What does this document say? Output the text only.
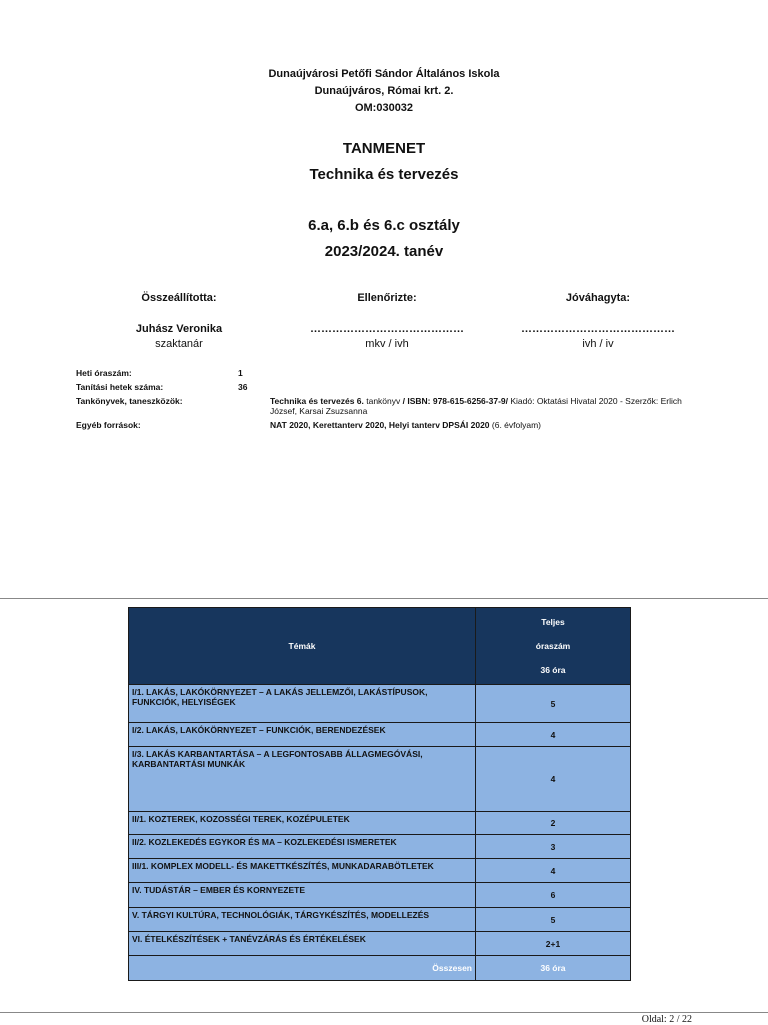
Dunaújvárosi Petőfi Sándor Általános Iskola
Dunaújváros, Római krt. 2.
OM:030032
TANMENET
Technika és tervezés
6.a, 6.b és 6.c osztály
2023/2024. tanév
Összeállította:
Juhász Veronika
szaktanár
Ellenőrizte:
……………………………………
mkv / ivh
Jóváhagyta:
……………………………………
ivh / iv
Heti óraszám:	1
Tanítási hetek száma:	36
Tankönyvek, taneszközök:	Technika és tervezés 6. tankönyv / ISBN: 978-615-6256-37-9/ Kiadó: Oktatási Hivatal 2020 - Szerzők: Erlich József, Karsai Zsuzsanna
Egyéb források:	NAT 2020, Kerettanterv 2020, Helyi tanterv DPSÁI 2020 (6. évfolyam)
Témák	Teljes
óraszám
36 óra

I/1. LAKÁS, LAKÓKÖRNYEZET – A LAKÁS JELLEMZŐI, LAKÁSTÍPUSOK, FUNKCIÓK, HELYISÉGEK	5
I/2. LAKÁS, LAKÓKÖRNYEZET – FUNKCIÓK, BERENDEZÉSEK	4
I/3. LAKÁS KARBANTARTÁSA – A LEGFONTOSABB ÁLLAGMEGÓVÁSI, KARBANTARTÁSI MUNKÁK	4
II/1. KOZTEREK, KOZOSSÉGI TEREK, KOZÉPULETEK	2
II/2. KOZLEKEDÉS EGYKOR ÉS MA – KOZLEKEDÉSI ISMERETEK	3
III/1. KOMPLEX MODELL- ÉS MAKETTKÉSZÍTÉS, MUNKADARABÖTLETEK	4
IV. TUDÁSTÁR – EMBER ÉS KORNYEZETE	6
V. TÁRGYI KULTÚRA, TECHNOLÓGIÁK, TÁRGYKÉSZÍTÉS, MODELLEZÉS	5
VI. ÉTELKÉSZÍTÉSEK + TANÉVZÁRÁS ÉS ÉRTÉKELÉSEK	2+1
Összesen	36 óra
Oldal: 2 / 22
